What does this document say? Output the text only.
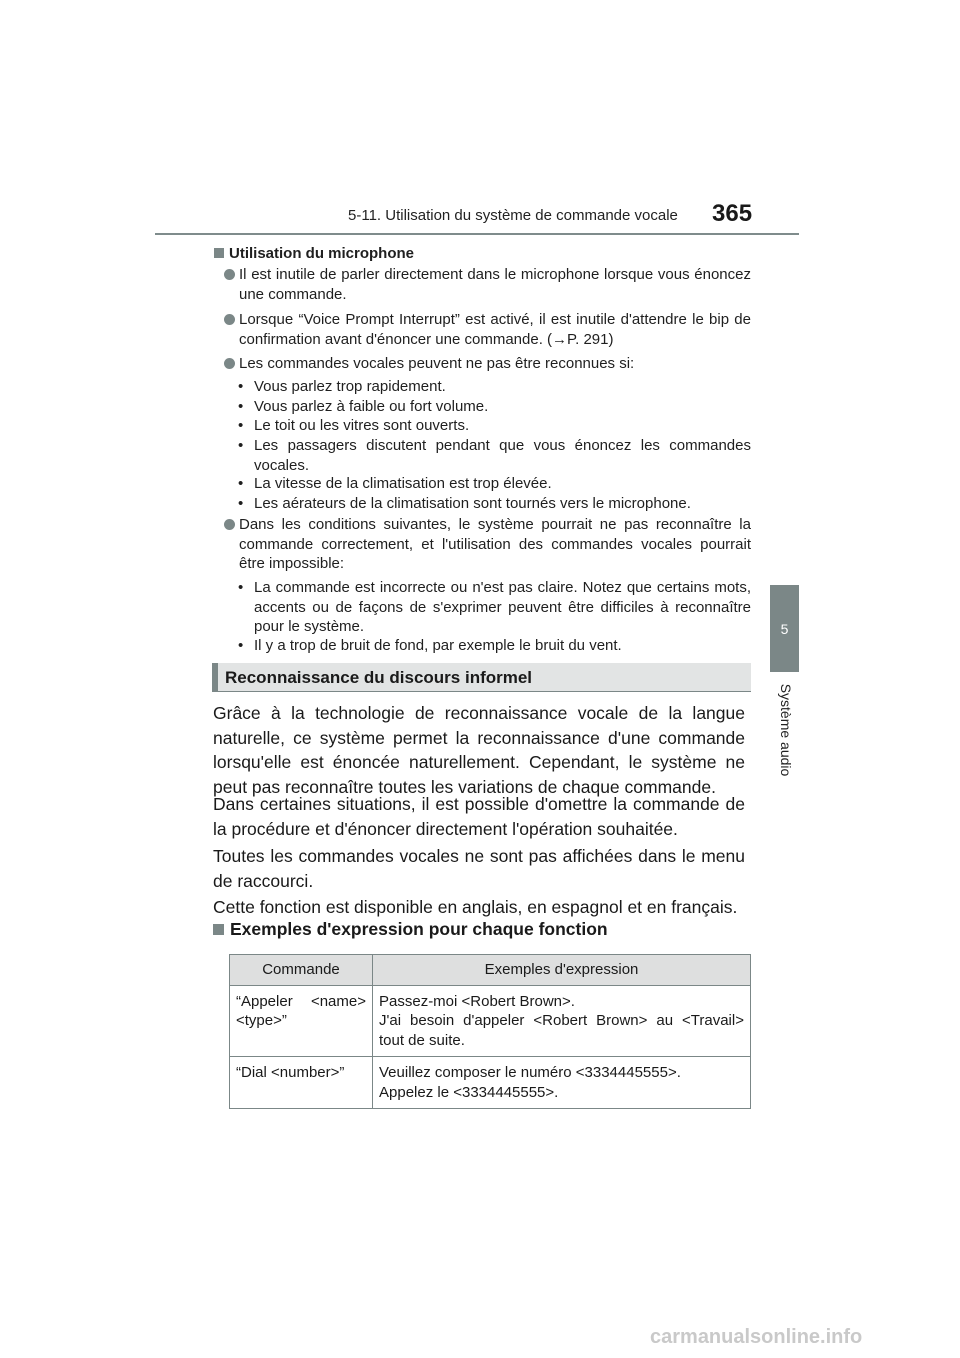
5-11. Utilisation du système de commande vocale 365
5
Système audio
Utilisation du microphone
Il est inutile de parler directement dans le microphone lorsque vous énoncez une commande.
Lorsque “Voice Prompt Interrupt” est activé, il est inutile d'attendre le bip de confirmation avant d'énoncer une commande. (→P. 291)
Les commandes vocales peuvent ne pas être reconnues si:
• Vous parlez trop rapidement.
• Vous parlez à faible ou fort volume.
• Le toit ou les vitres sont ouverts.
• Les passagers discutent pendant que vous énoncez les commandes vocales.
• La vitesse de la climatisation est trop élevée.
• Les aérateurs de la climatisation sont tournés vers le microphone.
Dans les conditions suivantes, le système pourrait ne pas reconnaître la commande correctement, et l'utilisation des commandes vocales pourrait être impossible:
• La commande est incorrecte ou n'est pas claire. Notez que certains mots, accents ou de façons de s'exprimer peuvent être difficiles à reconnaître pour le système.
• Il y a trop de bruit de fond, par exemple le bruit du vent.
Reconnaissance du discours informel
Grâce à la technologie de reconnaissance vocale de la langue naturelle, ce système permet la reconnaissance d'une commande lorsqu'elle est énoncée naturellement. Cependant, le système ne peut pas reconnaître toutes les variations de chaque commande.
Dans certaines situations, il est possible d'omettre la commande de la procédure et d'énoncer directement l'opération souhaitée.
Toutes les commandes vocales ne sont pas affichées dans le menu de raccourci.
Cette fonction est disponible en anglais, en espagnol et en français.
Exemples d'expression pour chaque fonction
Commande	Exemples d'expression
“Appeler <name> <type>”	Passez-moi <Robert Brown>.
J'ai besoin d'appeler <Robert Brown> au <Travail> tout de suite.

“Dial <number>”	Veuillez composer le numéro <3334445555>.
Appelez le <3334445555>.
carmanualsonline.info
